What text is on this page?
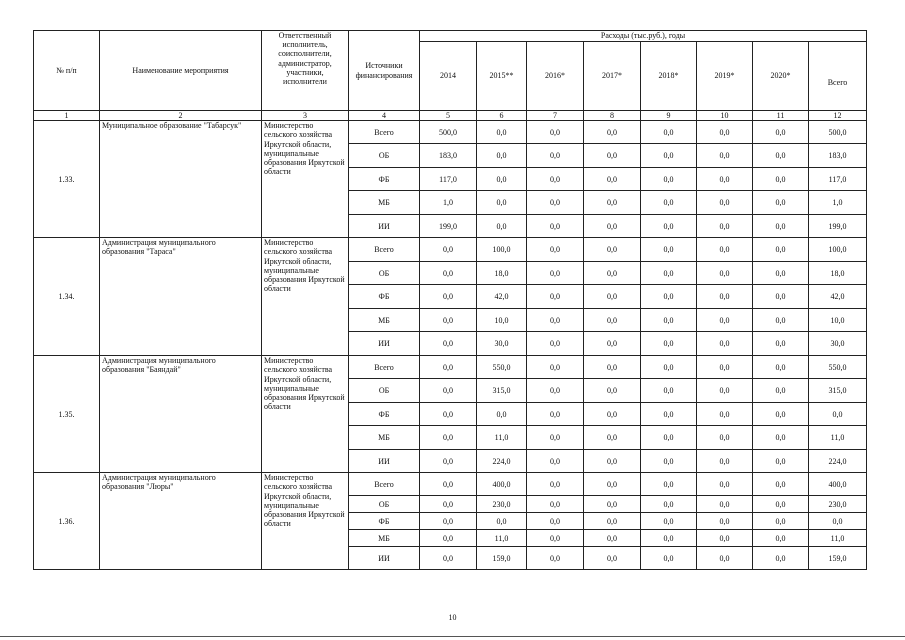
№ п/п	Наименование мероприятия	Ответственный исполнитель, соисполнители, администратор, участники, исполнители	Источники финансирования	Расходы (тыс.руб.), годы							
				2014	2015**	2016*	2017*	2018*	2019*	2020*	Всего
1	2	3	4	5	6	7	8	9	10	11	12
1.33.	Муниципальное образование "Табарсук"	Министерство сельского хозяйства Иркутской области, муниципальные образования Иркутской области	Всего	500,0	0,0	0,0	0,0	0,0	0,0	0,0	500,0
			ОБ	183,0	0,0	0,0	0,0	0,0	0,0	0,0	183,0
			ФБ	117,0	0,0	0,0	0,0	0,0	0,0	0,0	117,0
			МБ	1,0	0,0	0,0	0,0	0,0	0,0	0,0	1,0
			ИИ	199,0	0,0	0,0	0,0	0,0	0,0	0,0	199,0
1.34.	Администрация муниципального образования "Тараса"	Министерство сельского хозяйства Иркутской области, муниципальные образования Иркутской области	Всего	0,0	100,0	0,0	0,0	0,0	0,0	0,0	100,0
			ОБ	0,0	18,0	0,0	0,0	0,0	0,0	0,0	18,0
			ФБ	0,0	42,0	0,0	0,0	0,0	0,0	0,0	42,0
			МБ	0,0	10,0	0,0	0,0	0,0	0,0	0,0	10,0
			ИИ	0,0	30,0	0,0	0,0	0,0	0,0	0,0	30,0
1.35.	Администрация муниципального образования "Баяндай"	Министерство сельского хозяйства Иркутской области, муниципальные образования Иркутской области	Всего	0,0	550,0	0,0	0,0	0,0	0,0	0,0	550,0
			ОБ	0,0	315,0	0,0	0,0	0,0	0,0	0,0	315,0
			ФБ	0,0	0,0	0,0	0,0	0,0	0,0	0,0	0,0
			МБ	0,0	11,0	0,0	0,0	0,0	0,0	0,0	11,0
			ИИ	0,0	224,0	0,0	0,0	0,0	0,0	0,0	224,0
1.36.	Администрация муниципального образования "Люры"	Министерство сельского хозяйства Иркутской области, муниципальные образования Иркутской области	Всего	0,0	400,0	0,0	0,0	0,0	0,0	0,0	400,0
			ОБ	0,0	230,0	0,0	0,0	0,0	0,0	0,0	230,0
			ФБ	0,0	0,0	0,0	0,0	0,0	0,0	0,0	0,0
			МБ	0,0	11,0	0,0	0,0	0,0	0,0	0,0	11,0
			ИИ	0,0	159,0	0,0	0,0	0,0	0,0	0,0	159,0
10
